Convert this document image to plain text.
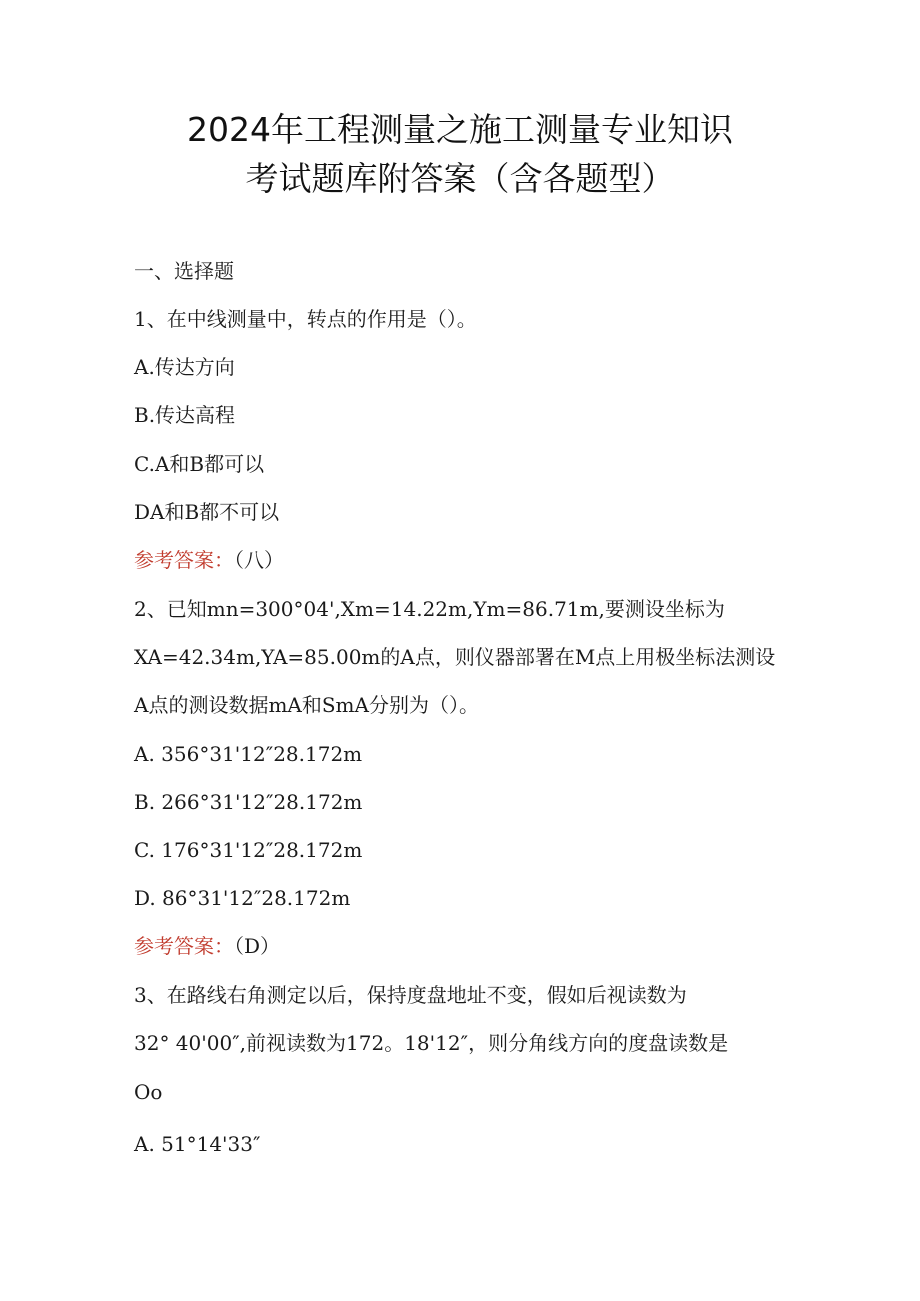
2024年工程测量之施工测量专业知识
考试题库附答案（含各题型）
一、选择题
1、在中线测量中，转点的作用是（）。
A.传达方向
B.传达高程
C.A和B都可以
DA和B都不可以
参考答案：（八）
2、已知mn=300°04',Xm=14.22m,Ym=86.71m,要测设坐标为
XA=42.34m,YA=85.00m的A点，则仪器部署在M点上用极坐标法测设
A点的测设数据mA和SmA分别为（）。
A. 356°31'12″28.172m
B. 266°31'12″28.172m
C. 176°31'12″28.172m
D. 86°31'12″28.172m
参考答案：（D）
3、在路线右角测定以后，保持度盘地址不变，假如后视读数为
32° 40'00″,前视读数为172。18'12″，则分角线方向的度盘读数是
Oo
A. 51°14'33″
